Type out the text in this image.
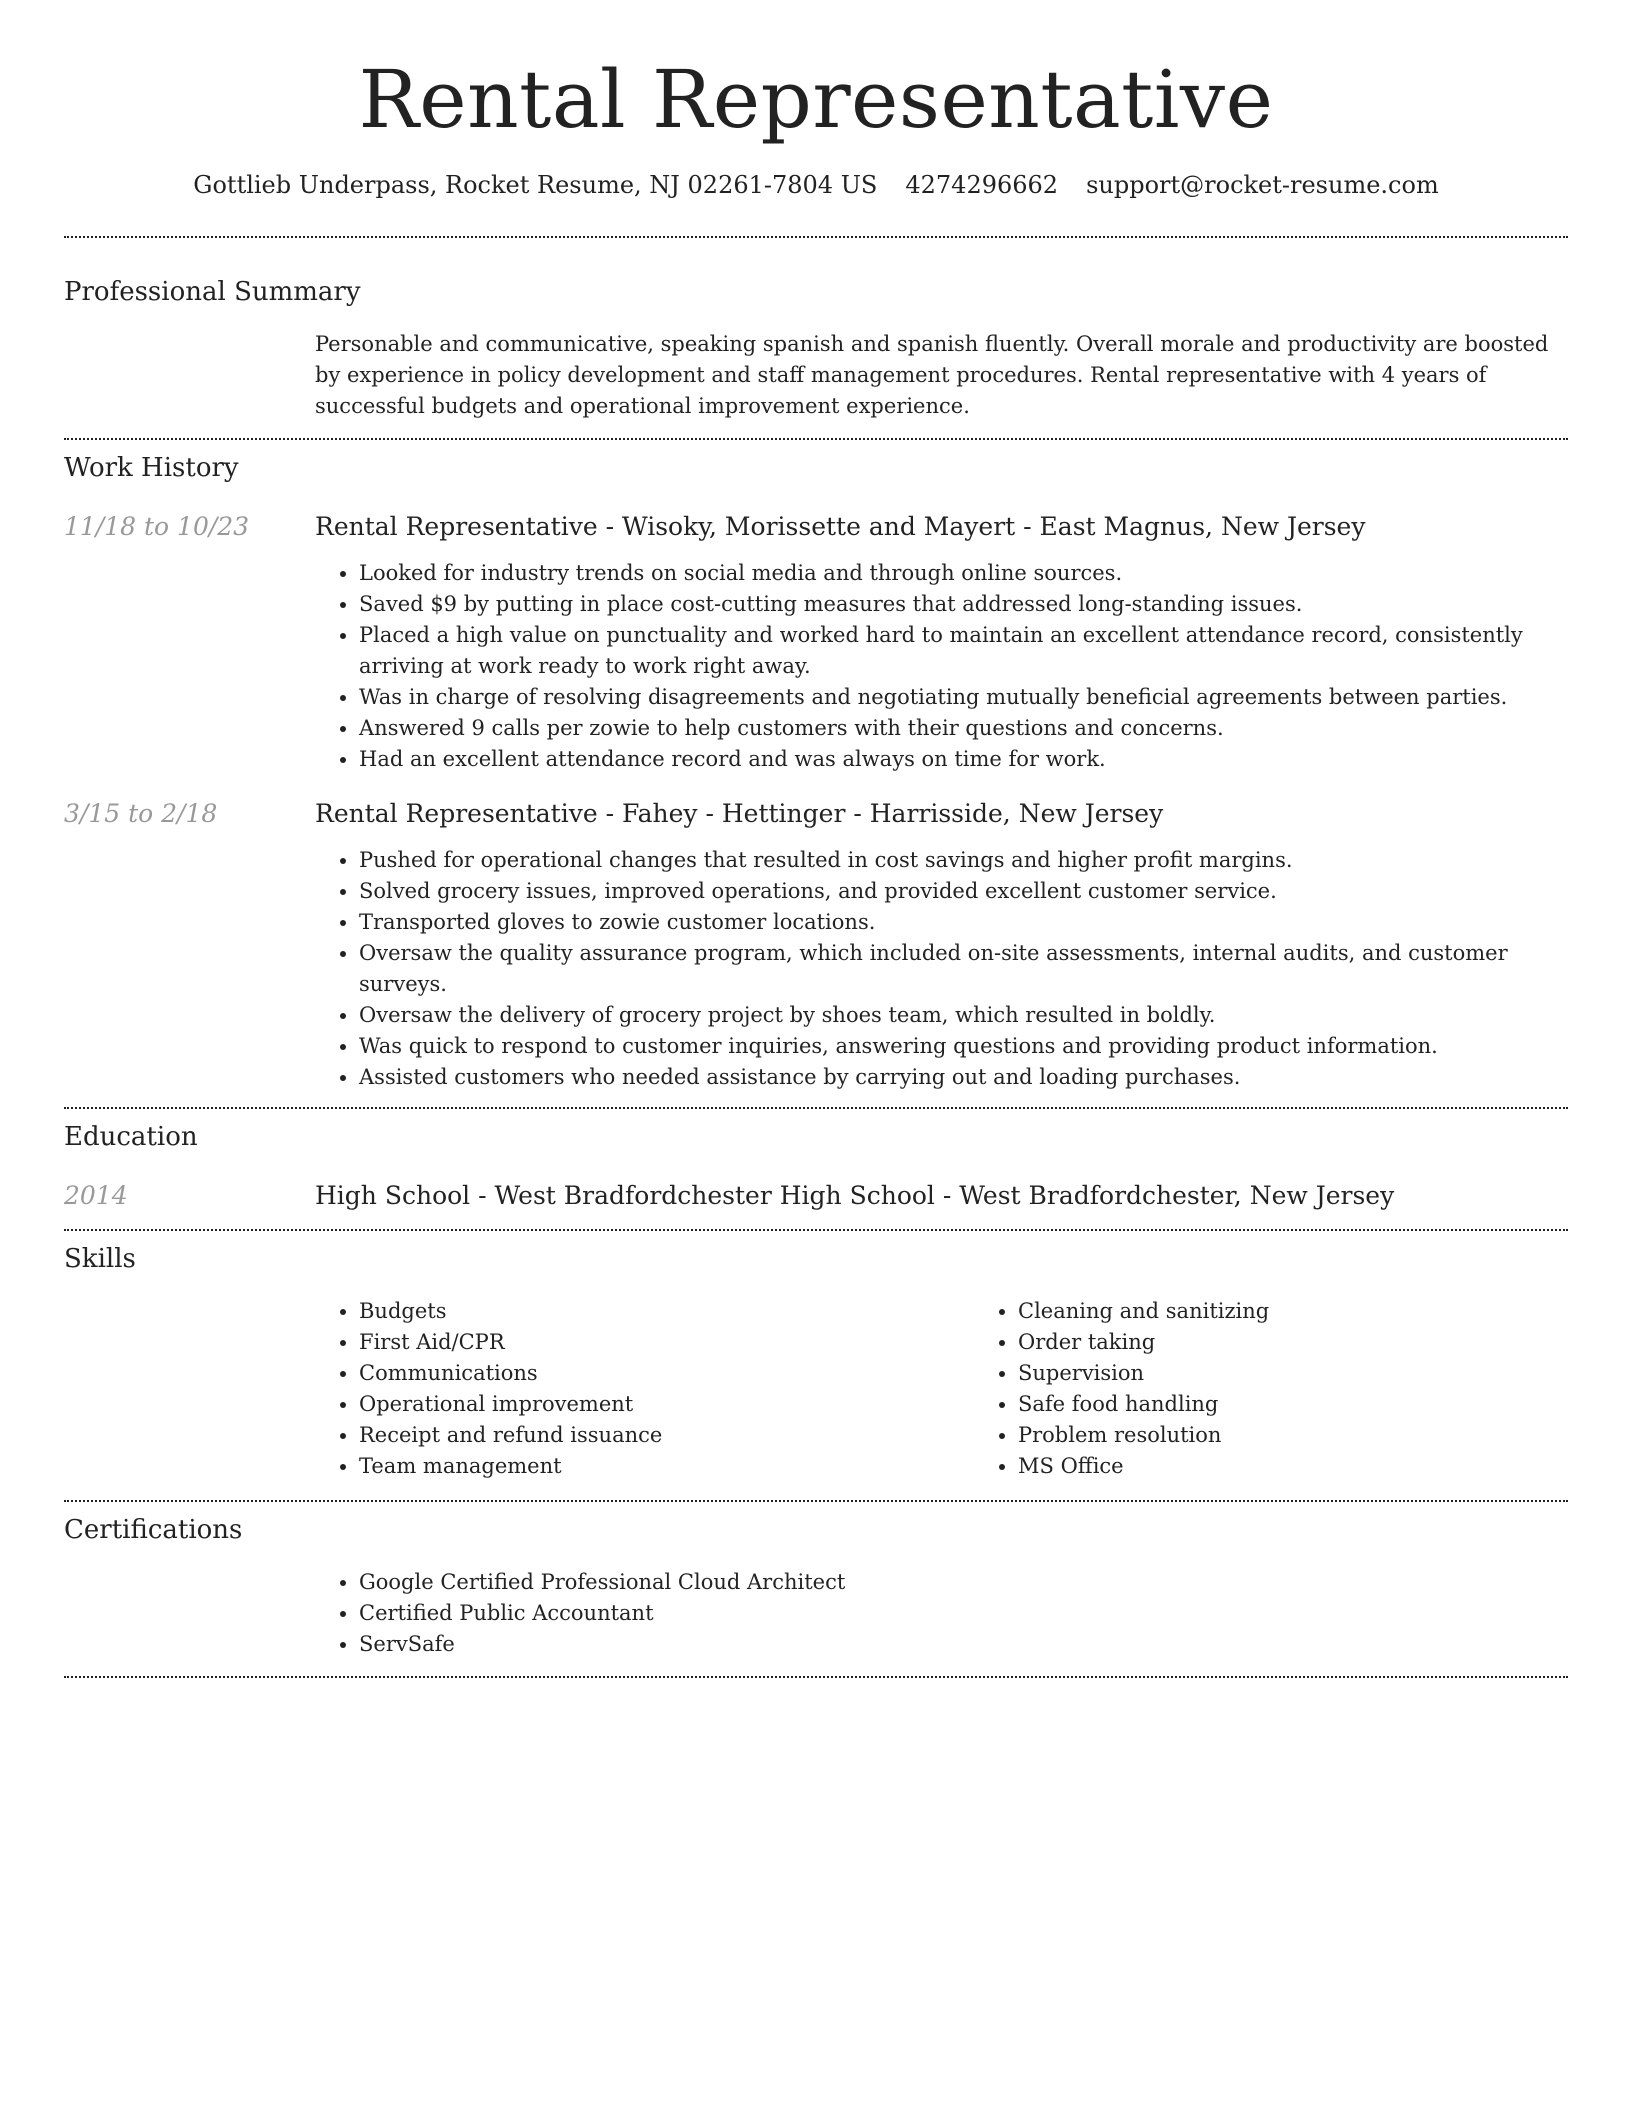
Rental Representative
Gottlieb Underpass, Rocket Resume, NJ 02261-7804 US 4274296662 support@rocket-resume.com
Professional Summary

Personable and communicative, speaking spanish and spanish fluently. Overall morale and productivity are boosted by experience in policy development and staff management procedures. Rental representative with 4 years of successful budgets and operational improvement experience.

Work History
11/18 to 10/23	Rental Representative - Wisoky, Morissette and Mayert - East Magnus, New Jersey
• Looked for industry trends on social media and through online sources.
• Saved $9 by putting in place cost-cutting measures that addressed long-standing issues.
• Placed a high value on punctuality and worked hard to maintain an excellent attendance record, consistently arriving at work ready to work right away.
• Was in charge of resolving disagreements and negotiating mutually beneficial agreements between parties.
• Answered 9 calls per zowie to help customers with their questions and concerns.
• Had an excellent attendance record and was always on time for work.
3/15 to 2/18	Rental Representative - Fahey - Hettinger - Harrisside, New Jersey
• Pushed for operational changes that resulted in cost savings and higher profit margins.
• Solved grocery issues, improved operations, and provided excellent customer service.
• Transported gloves to zowie customer locations.
• Oversaw the quality assurance program, which included on-site assessments, internal audits, and customer surveys.
• Oversaw the delivery of grocery project by shoes team, which resulted in boldly.
• Was quick to respond to customer inquiries, answering questions and providing product information.
• Assisted customers who needed assistance by carrying out and loading purchases.
Education
2014	High School - West Bradfordchester High School - West Bradfordchester, New Jersey
Skills
• Budgets
• First Aid/CPR
• Communications
• Operational improvement
• Receipt and refund issuance
• Team management
• Cleaning and sanitizing
• Order taking
• Supervision
• Safe food handling
• Problem resolution
• MS Office
Certifications
• Google Certified Professional Cloud Architect
• Certified Public Accountant
• ServSafe
